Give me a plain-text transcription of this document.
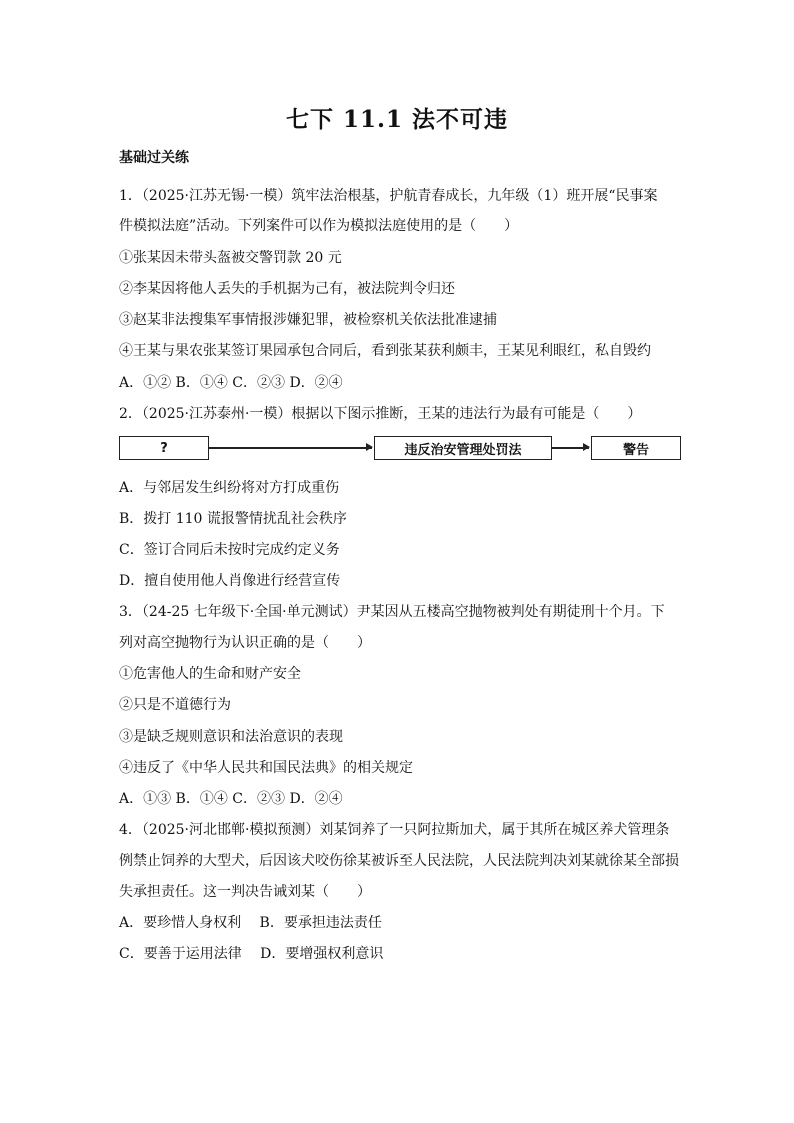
七下 11.1 法不可违
基础过关练
1．（2025·江苏无锡·一模）筑牢法治根基，护航青春成长，九年级（1）班开展“民事案
件模拟法庭”活动。下列案件可以作为模拟法庭使用的是（　　）
①张某因未带头盔被交警罚款 20 元
②李某因将他人丢失的手机据为己有，被法院判令归还
③赵某非法搜集军事情报涉嫌犯罪，被检察机关依法批准逮捕
④王某与果农张某签订果园承包合同后，看到张某获利颇丰，王某见利眼红，私自毁约
A．①② B．①④ C．②③ D．②④
2．（2025·江苏泰州·一模）根据以下图示推断，王某的违法行为最有可能是（　　）
?	违反治安管理处罚法	警告
A．与邻居发生纠纷将对方打成重伤
B．拨打 110 谎报警情扰乱社会秩序
C．签订合同后未按时完成约定义务
D．擅自使用他人肖像进行经营宣传
3．（24-25 七年级下·全国·单元测试）尹某因从五楼高空抛物被判处有期徒刑十个月。下
列对高空抛物行为认识正确的是（　　）
①危害他人的生命和财产安全
②只是不道德行为
③是缺乏规则意识和法治意识的表现
④违反了《中华人民共和国民法典》的相关规定
A．①③ B．①④ C．②③ D．②④
4．（2025·河北邯郸·模拟预测）刘某饲养了一只阿拉斯加犬，属于其所在城区养犬管理条
例禁止饲养的大型犬，后因该犬咬伤徐某被诉至人民法院，人民法院判决刘某就徐某全部损
失承担责任。这一判决告诫刘某（　　）
A．要珍惜人身权利　 B．要承担违法责任
C．要善于运用法律　 D．要增强权利意识
